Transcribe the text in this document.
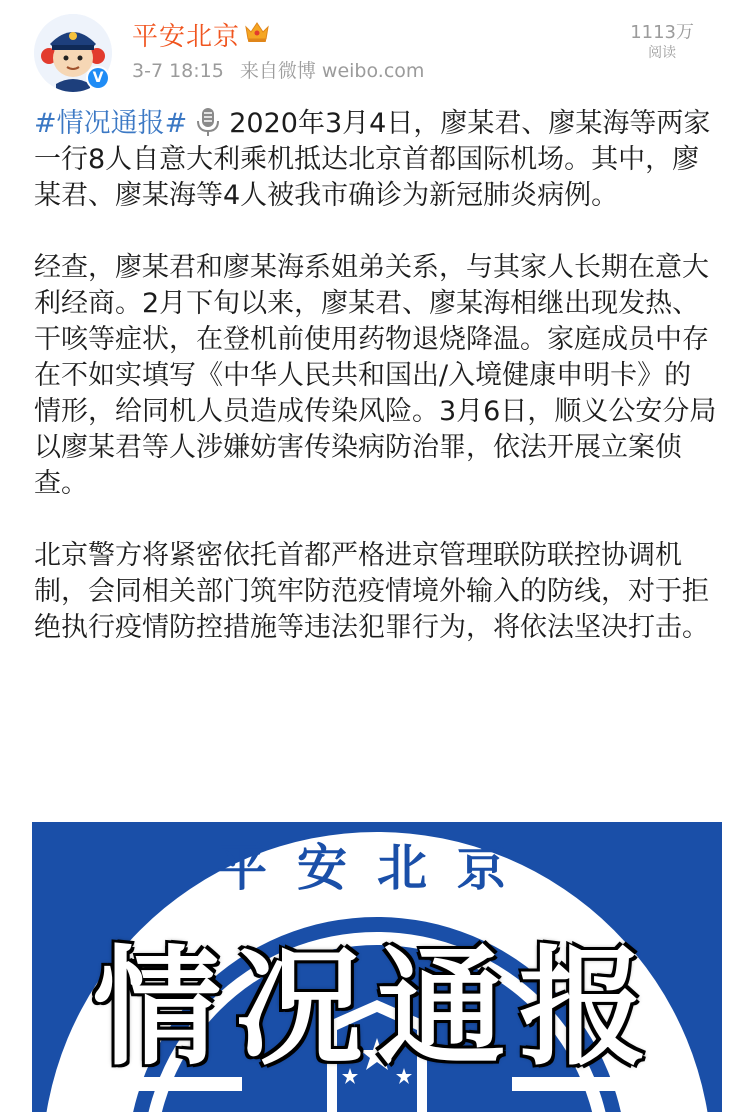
V
平安北京
3-7 18:15 来自微博 weibo.com
1113万
阅读

#情况通报# 2020年3月4日，廖某君、廖某海等两家一行8人自意大利乘机抵达北京首都国际机场。其中，廖某君、廖某海等4人被我市确诊为新冠肺炎病例。

经查，廖某君和廖某海系姐弟关系，与其家人长期在意大利经商。2月下旬以来，廖某君、廖某海相继出现发热、干咳等症状，在登机前使用药物退烧降温。家庭成员中存在不如实填写《中华人民共和国出/入境健康申明卡》的情形，给同机人员造成传染风险。3月6日，顺义公安分局以廖某君等人涉嫌妨害传染病防治罪，依法开展立案侦查。

北京警方将紧密依托首都严格进京管理联防联控协调机制，会同相关部门筑牢防范疫情境外输入的防线，对于拒绝执行疫情防控措施等违法犯罪行为，将依法坚决打击。

平安北京
情况通报
